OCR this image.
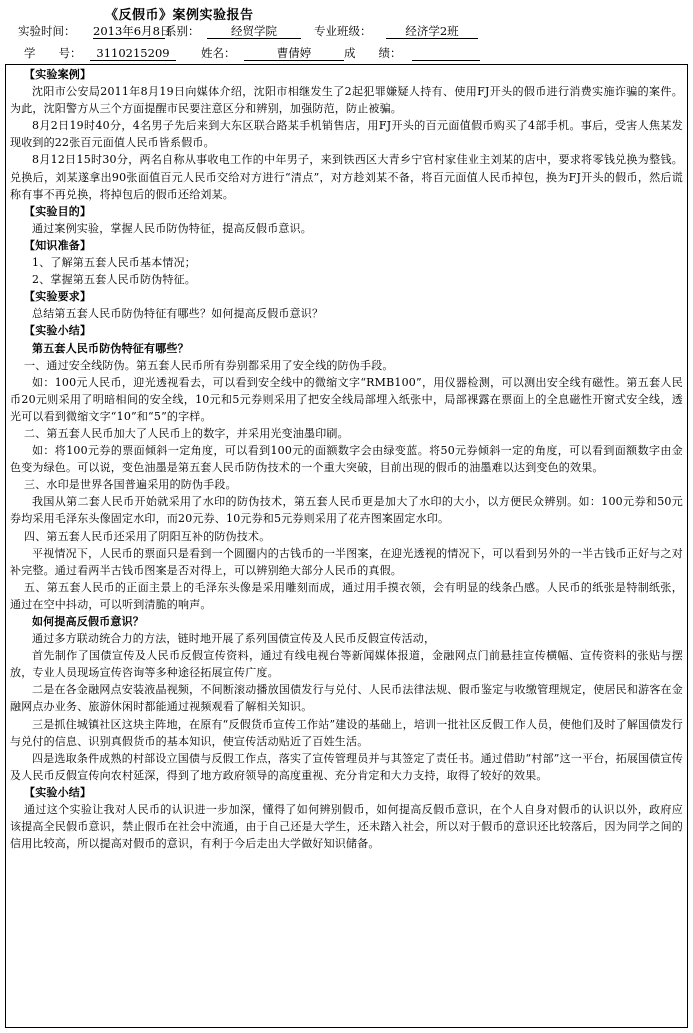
《反假币》案例实验报告
实验时间： 2013年6月8日
系别：	经贸学院	专业班级：	经济学2班
学　　号：	3110215209	姓名：	曹倩婷	成　　绩：

【实验案例】

沈阳市公安局2011年8月19日向媒体介绍，沈阳市相继发生了2起犯罪嫌疑人持有、使用FJ开头的假币进行消费实施诈骗的案件。为此，沈阳警方从三个方面提醒市民要注意区分和辨别，加强防范，防止被骗。

8月2日19时40分，4名男子先后来到大东区联合路某手机销售店，用FJ开头的百元面值假币购买了4部手机。事后，受害人焦某发现收到的22张百元面值人民币皆系假币。

8月12日15时30分，两名自称从事收电工作的中年男子，来到铁西区大青乡宁官村家佳业主刘某的店中，要求将零钱兑换为整钱。兑换后，刘某遂拿出90张面值百元人民币交给对方进行“清点”，对方趁刘某不备，将百元面值人民币掉包，换为FJ开头的假币，然后谎称有事不再兑换，将掉包后的假币还给刘某。

【实验目的】

通过案例实验，掌握人民币防伪特征，提高反假币意识。

【知识准备】

1、了解第五套人民币基本情况；

2、掌握第五套人民币防伪特征。

【实验要求】

总结第五套人民币防伪特征有哪些？如何提高反假币意识？

【实验小结】

第五套人民币防伪特征有哪些？

一、通过安全线防伪。第五套人民币所有券别都采用了安全线的防伪手段。

如：100元人民币，迎光透视看去，可以看到安全线中的微缩文字“RMB100”，用仪器检测，可以测出安全线有磁性。第五套人民币20元则采用了明暗相间的安全线，10元和5元券则采用了把安全线局部埋入纸张中，局部裸露在票面上的全息磁性开窗式安全线，透光可以看到微缩文字“10”和“5”的字样。

二、第五套人民币加大了人民币上的数字，并采用光变油墨印刷。

如：将100元券的票面倾斜一定角度，可以看到100元的面额数字会由绿变蓝。将50元券倾斜一定的角度，可以看到面额数字由金色变为绿色。可以说，变色油墨是第五套人民币防伪技术的一个重大突破，目前出现的假币的油墨难以达到变色的效果。

三、水印是世界各国普遍采用的防伪手段。

我国从第二套人民币开始就采用了水印的防伪技术，第五套人民币更是加大了水印的大小，以方便民众辨别。如：100元券和50元券均采用毛泽东头像固定水印，而20元券、10元券和5元券则采用了花卉图案固定水印。

四、第五套人民币还采用了阴阳互补的防伪技术。

平视情况下，人民币的票面只是看到一个圆圈内的古钱币的一半图案，在迎光透视的情况下，可以看到另外的一半古钱币正好与之对补完整。通过看两半古钱币图案是否对得上，可以辨别绝大部分人民币的真假。

五、第五套人民币的正面主景上的毛泽东头像是采用雕刻而成，通过用手摸衣领，会有明显的线条凸感。人民币的纸张是特制纸张，通过在空中抖动，可以听到清脆的响声。

如何提高反假币意识？

通过多方联动统合力的方法，链时地开展了系列国债宣传及人民币反假宣传活动，

首先制作了国债宣传及人民币反假宣传资料，通过有线电视台等新闻媒体报道，金融网点门前悬挂宣传横幅、宣传资料的张贴与摆放，专业人员现场宣传咨询等多种途径拓展宣传广度。

二是在各金融网点安装液晶视频，不间断滚动播放国债发行与兑付、人民币法律法规、假币鉴定与收缴管理规定，使居民和游客在金融网点办业务、旅游休闲时都能通过视频观看了解相关知识。

三是抓住城镇社区这块主阵地，在原有“反假货币宣传工作站”建设的基础上，培训一批社区反假工作人员，使他们及时了解国债发行与兑付的信息、识别真假货币的基本知识，使宣传活动贴近了百姓生活。

四是选取条件成熟的村部设立国债与反假工作点，落实了宣传管理员并与其签定了责任书。通过借助“村部”这一平台，拓展国债宣传及人民币反假宣传向农村延深，得到了地方政府领导的高度重视、充分肯定和大力支持，取得了较好的效果。

【实验小结】

通过这个实验让我对人民币的认识进一步加深，懂得了如何辨别假币，如何提高反假币意识，在个人自身对假币的认识以外，政府应该提高全民假币意识，禁止假币在社会中流通，由于自己还是大学生，还未踏入社会，所以对于假币的意识还比较落后，因为同学之间的信用比较高，所以提高对假币的意识，有利于今后走出大学做好知识储备。
